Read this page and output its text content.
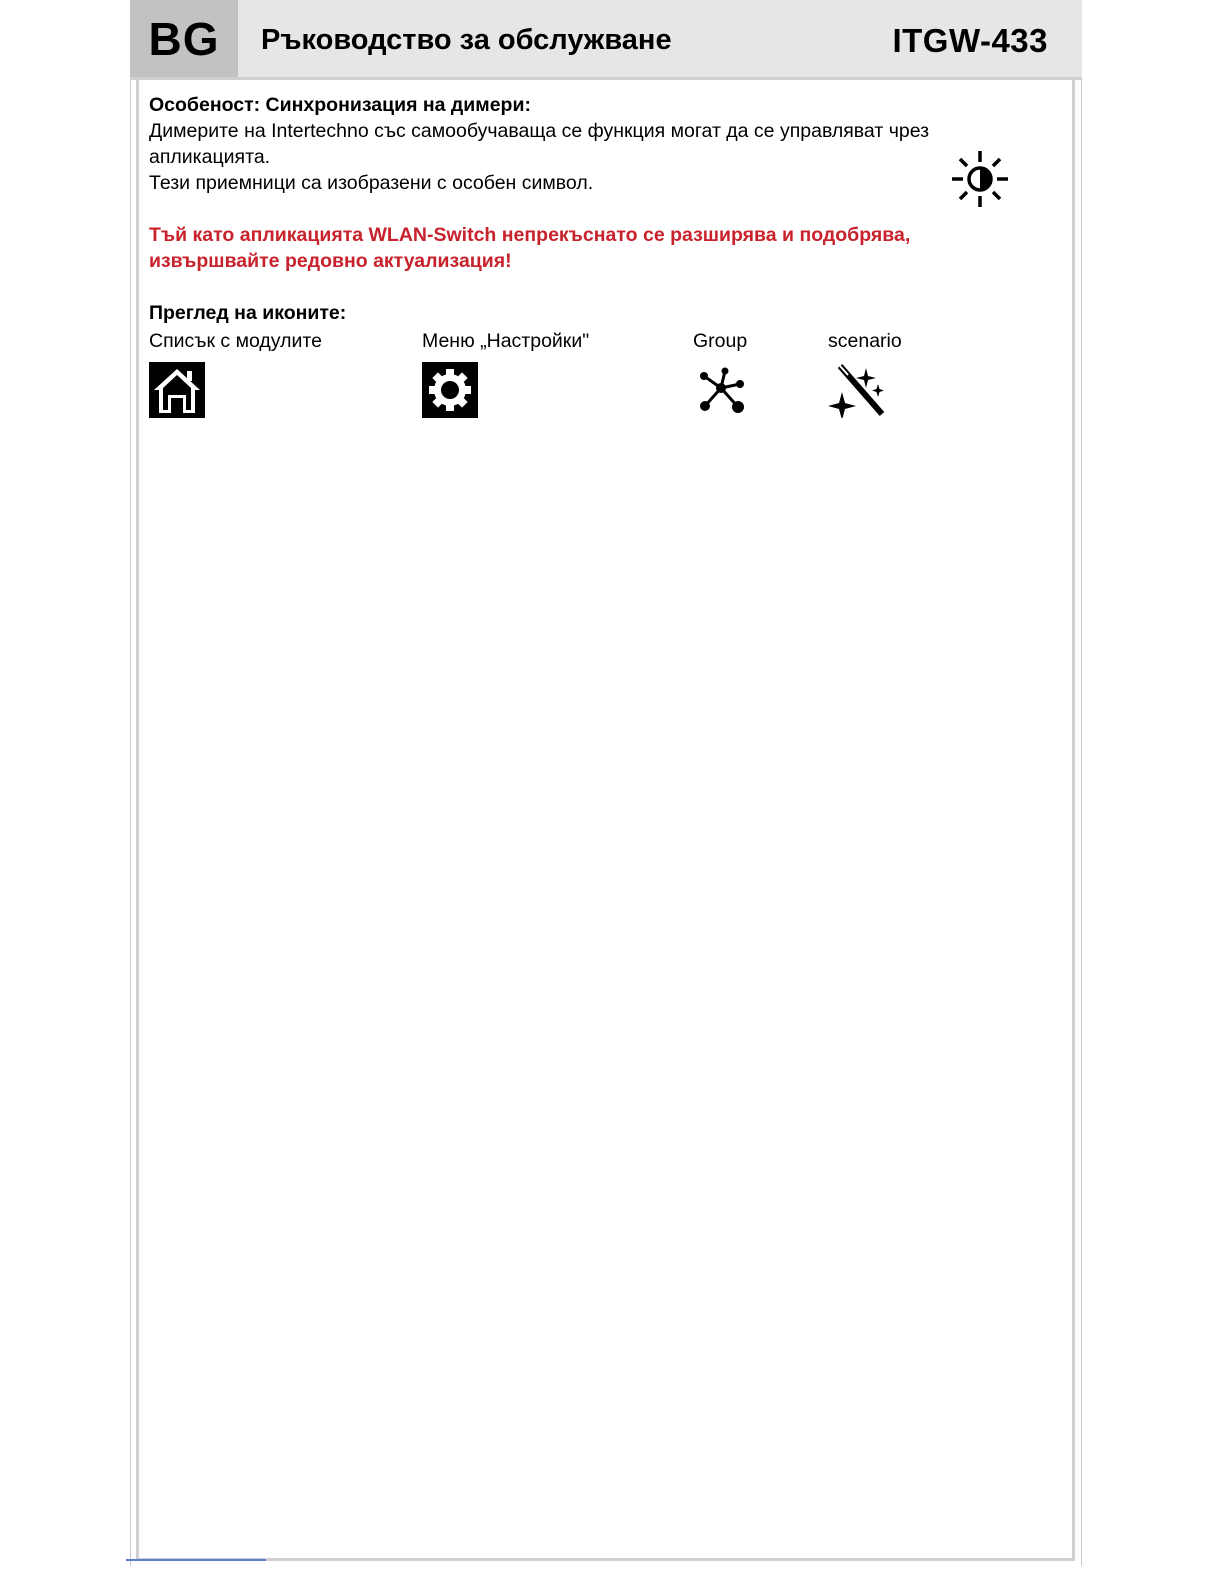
BG	Ръководство за обслужване	ITGW-433

Особеност: Синхронизация на димери:

Димерите на Intertechno със самообучаваща се функция могат да се управляват чрез

апликацията.

Тези приемници са изобразени с особен символ.

Тъй като апликацията WLAN-Switch непрекъснато се разширява и подобрява,

извършвайте редовно актуализация!

Преглед на иконите:

Списък с модулите	Меню „Настройки"	Group	scenario
